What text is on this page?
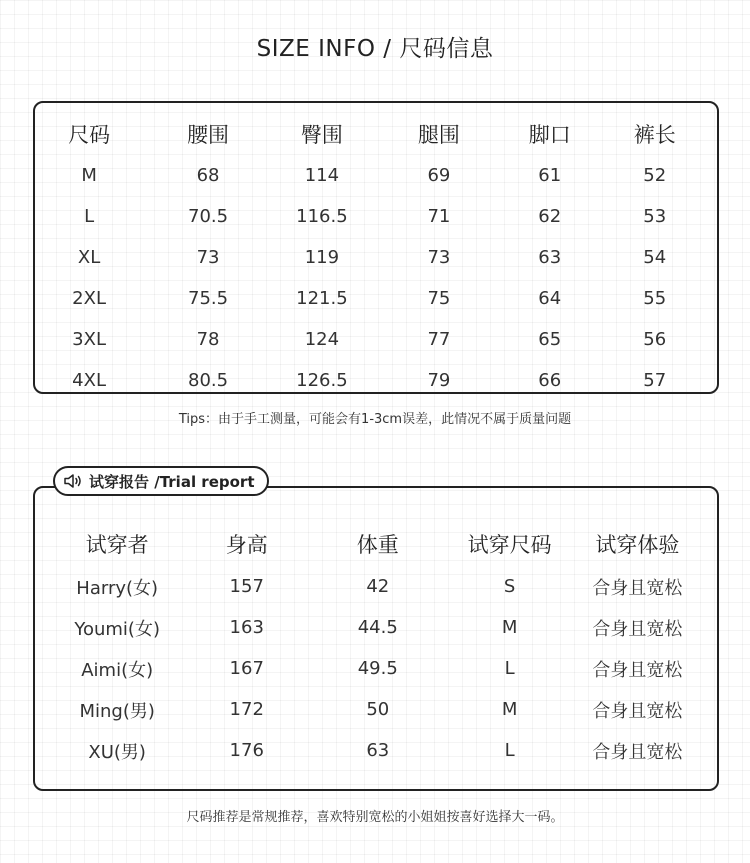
SIZE INFO / 尺码信息
尺码	腰围	臀围	腿围	脚口	裤长
M	68	114	69	61	52
L	70.5	116.5	71	62	53
XL	73	119	73	63	54
2XL	75.5	121.5	75	64	55
3XL	78	124	77	65	56
4XL	80.5	126.5	79	66	57
Tips：由于手工测量，可能会有1-3cm误差，此情况不属于质量问题
试穿者	身高	体重	试穿尺码	试穿体验
Harry(女)	157	42	S	合身且宽松
Youmi(女)	163	44.5	M	合身且宽松
Aimi(女)	167	49.5	L	合身且宽松
Ming(男)	172	50	M	合身且宽松
XU(男)	176	63	L	合身且宽松
试穿报告 /Trial report
尺码推荐是常规推荐，喜欢特别宽松的小姐姐按喜好选择大一码。
